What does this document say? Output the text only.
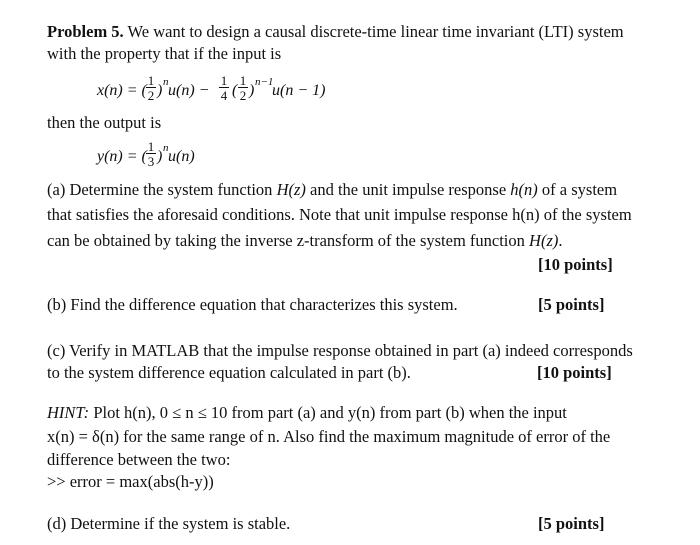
Problem 5. We want to design a causal discrete-time linear time invariant (LTI) system
with the property that if the input is
x(n) = (
1
2 ) n u(n) −
1
4 (
1
2 ) n−1
u(n − 1)
then the output is
y(n) = (
1
3 ) n u(n)
(a) Determine the system function H(z) and the unit impulse response h(n) of a system
that satisfies the aforesaid conditions. Note that unit impulse response h(n) of the system
can be obtained by taking the inverse z-transform of the system function H(z).
[10 points]
(b) Find the difference equation that characterizes this system.	[5 points]
(c) Verify in MATLAB that the impulse response obtained in part (a) indeed corresponds
to the system difference equation calculated in part (b).	[10 points]
HINT: Plot h(n), 0 ≤ n ≤ 10 from part (a) and y(n) from part (b) when the input
x(n) = δ(n) for the same range of n. Also find the maximum magnitude of error of the
difference between the two:
>> error = max(abs(h-y))
(d) Determine if the system is stable.	[5 points]
